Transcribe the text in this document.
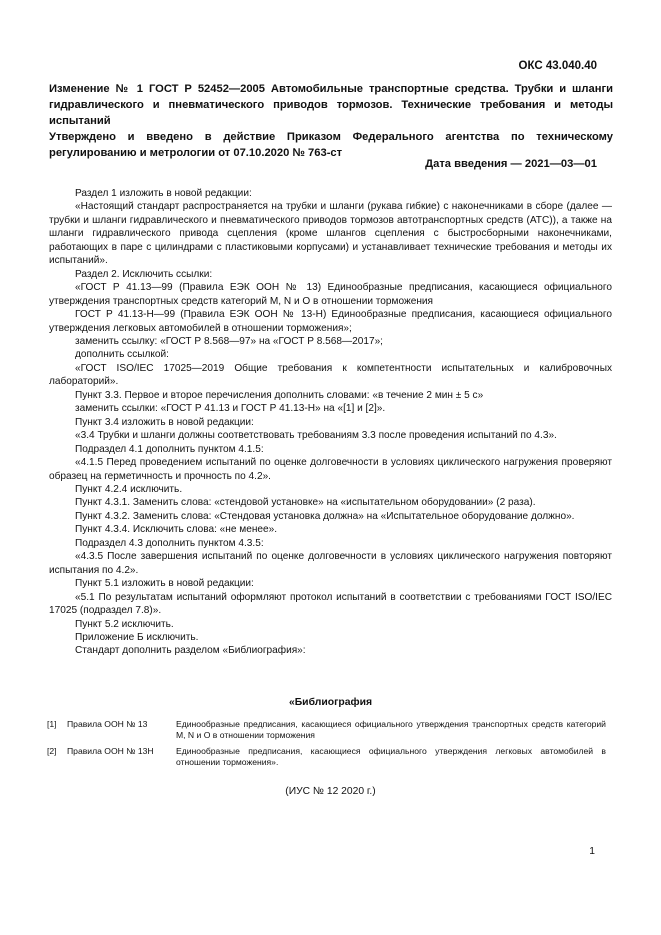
ОКС 43.040.40
Изменение № 1 ГОСТ Р 52452—2005 Автомобильные транспортные средства. Трубки и шланги гидравлического и пневматического приводов тормозов. Технические требования и методы испытаний
Утверждено и введено в действие Приказом Федерального агентства по техническому регулированию и метрологии от 07.10.2020 № 763-ст
Дата введения — 2021—03—01

Раздел 1 изложить в новой редакции:

«Настоящий стандарт распространяется на трубки и шланги (рукава гибкие) с наконечниками в сборе (далее — трубки и шланги гидравлического и пневматического приводов тормозов автотранспортных средств (АТС)), а также на шланги гидравлического привода сцепления (кроме шлангов сцепления с быстросборными наконечниками, работающих в паре с цилиндрами с пластиковыми корпусами) и устанавливает технические требования и методы их испытаний».

Раздел 2. Исключить ссылки:

«ГОСТ Р 41.13—99 (Правила ЕЭК ООН № 13) Единообразные предписания, касающиеся официального утверждения транспортных средств категорий M, N и О в отношении торможения

ГОСТ Р 41.13-Н—99 (Правила ЕЭК ООН № 13-Н) Единообразные предписания, касающиеся официального утверждения легковых автомобилей в отношении торможения»;

заменить ссылку: «ГОСТ Р 8.568—97» на «ГОСТ Р 8.568—2017»;

дополнить ссылкой:

«ГОСТ ISO/IEC 17025—2019 Общие требования к компетентности испытательных и калибровочных лабораторий».

Пункт 3.3. Первое и второе перечисления дополнить словами: «в течение 2 мин ± 5 с»

заменить ссылки: «ГОСТ Р 41.13 и ГОСТ Р 41.13-Н» на «[1] и [2]».

Пункт 3.4 изложить в новой редакции:

«3.4 Трубки и шланги должны соответствовать требованиям 3.3 после проведения испытаний по 4.3».

Подраздел 4.1 дополнить пунктом 4.1.5:

«4.1.5 Перед проведением испытаний по оценке долговечности в условиях циклического нагружения проверяют образец на герметичность и прочность по 4.2».

Пункт 4.2.4 исключить.

Пункт 4.3.1. Заменить слова: «стендовой установке» на «испытательном оборудовании» (2 раза).

Пункт 4.3.2. Заменить слова: «Стендовая установка должна» на «Испытательное оборудование должно».

Пункт 4.3.4. Исключить слова: «не менее».

Подраздел 4.3 дополнить пунктом 4.3.5:

«4.3.5 После завершения испытаний по оценке долговечности в условиях циклического нагружения повторяют испытания по 4.2».

Пункт 5.1 изложить в новой редакции:

«5.1 По результатам испытаний оформляют протокол испытаний в соответствии с требованиями ГОСТ ISO/IEC 17025 (подраздел 7.8)».

Пункт 5.2 исключить.

Приложение Б исключить.

Стандарт дополнить разделом «Библиография»:

«Библиография
[1] Правила ООН № 13	Единообразные предписания, касающиеся официального утверждения транспортных средств категорий М, N и О в отношении торможения
[2] Правила ООН № 13Н	Единообразные предписания, касающиеся официального утверждения легковых автомобилей в отношении торможения».
(ИУС № 12 2020 г.)
1
